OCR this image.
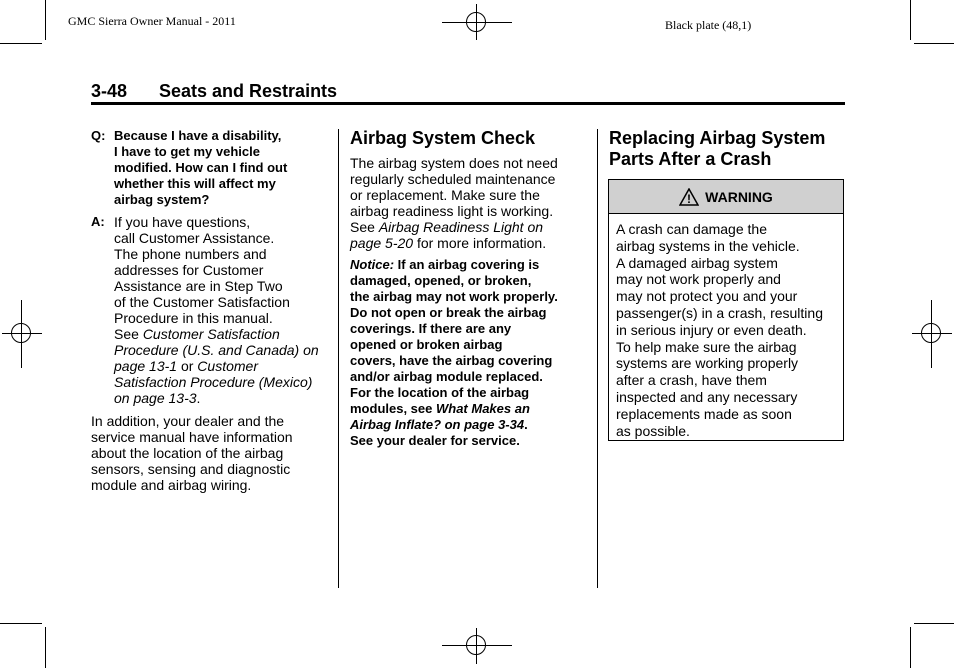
GMC Sierra Owner Manual - 2011	Black plate (48,1)
3-48 Seats and Restraints
Q: Because I have a disability,

I have to get my vehicle

modified. How can I find out

whether this will affect my

airbag system?

A: If you have questions,

call Customer Assistance.

The phone numbers and

addresses for Customer

Assistance are in Step Two

of the Customer Satisfaction

Procedure in this manual.

See Customer Satisfaction

Procedure (U.S. and Canada) on

page 13-1 or Customer

Satisfaction Procedure (Mexico)

on page 13-3.

In addition, your dealer and the

service manual have information

about the location of the airbag

sensors, sensing and diagnostic

module and airbag wiring.

Airbag System Check

The airbag system does not need

regularly scheduled maintenance

or replacement. Make sure the

airbag readiness light is working.

See Airbag Readiness Light on

page 5-20 for more information.

Notice: If an airbag covering is

damaged, opened, or broken,

the airbag may not work properly.

Do not open or break the airbag

coverings. If there are any

opened or broken airbag

covers, have the airbag covering

and/or airbag module replaced.

For the location of the airbag

modules, see What Makes an

Airbag Inflate? on page 3-34.

See your dealer for service.

Replacing Airbag System

Parts After a Crash

! WARNING
A crash can damage the
airbag systems in the vehicle.
A damaged airbag system
may not work properly and
may not protect you and your
passenger(s) in a crash, resulting
in serious injury or even death.
To help make sure the airbag
systems are working properly
after a crash, have them
inspected and any necessary
replacements made as soon
as possible.
